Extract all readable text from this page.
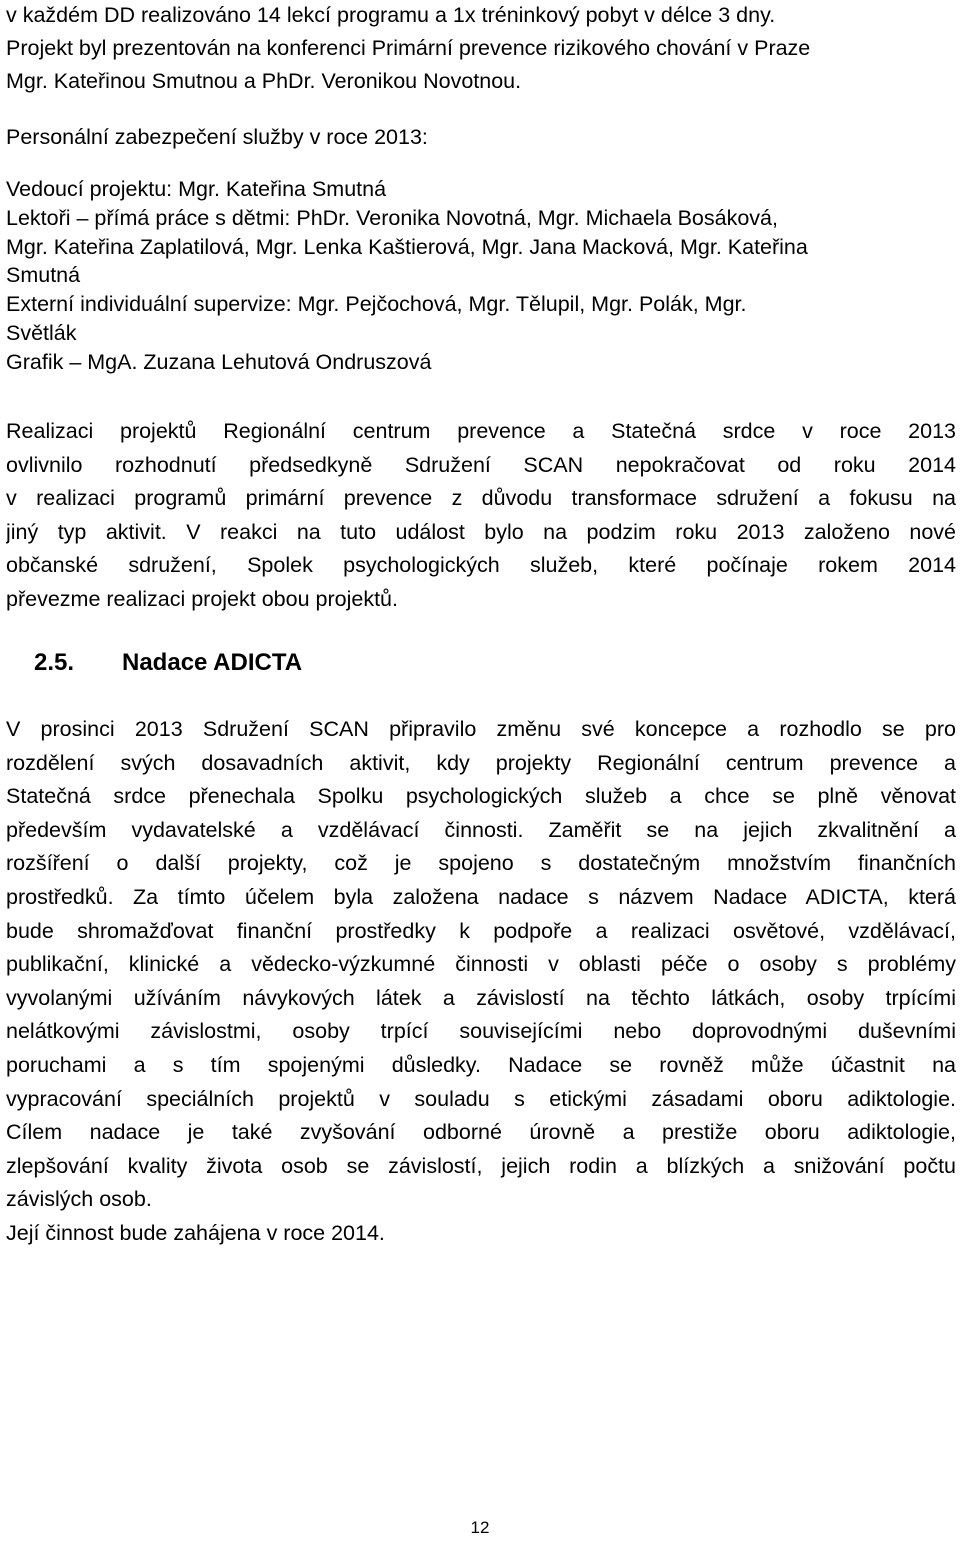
v každém DD realizováno 14 lekcí programu a 1x tréninkový pobyt v délce 3 dny.
Projekt byl prezentován na konferenci Primární prevence rizikového chování v Praze
Mgr. Kateřinou Smutnou a PhDr. Veronikou Novotnou.
Personální zabezpečení služby v roce 2013:
Vedoucí projektu: Mgr. Kateřina Smutná
Lektoři – přímá práce s dětmi: PhDr. Veronika Novotná, Mgr. Michaela Bosáková,
Mgr. Kateřina Zaplatilová, Mgr. Lenka Kaštierová, Mgr. Jana Macková, Mgr. Kateřina
Smutná
Externí individuální supervize: Mgr. Pejčochová, Mgr. Tělupil, Mgr. Polák, Mgr.
Světlák
Grafik – MgA. Zuzana Lehutová Ondruszová
Realizaci projektů Regionální centrum prevence a Statečná srdce v roce 2013
ovlivnilo rozhodnutí předsedkyně Sdružení SCAN nepokračovat od roku 2014
v realizaci programů primární prevence z důvodu transformace sdružení a fokusu na
jiný typ aktivit. V reakci na tuto událost bylo na podzim roku 2013 založeno nové
občanské sdružení, Spolek psychologických služeb, které počínaje rokem 2014
převezme realizaci projekt obou projektů.
2.5. Nadace ADICTA
V prosinci 2013 Sdružení SCAN připravilo změnu své koncepce a rozhodlo se pro
rozdělení svých dosavadních aktivit, kdy projekty Regionální centrum prevence a
Statečná srdce přenechala Spolku psychologických služeb a chce se plně věnovat
především vydavatelské a vzdělávací činnosti. Zaměřit se na jejich zkvalitnění a
rozšíření o další projekty, což je spojeno s dostatečným množstvím finančních
prostředků. Za tímto účelem byla založena nadace s názvem Nadace ADICTA, která
bude shromažďovat finanční prostředky k podpoře a realizaci osvětové, vzdělávací,
publikační, klinické a vědecko-výzkumné činnosti v oblasti péče o osoby s problémy
vyvolanými užíváním návykových látek a závislostí na těchto látkách, osoby trpícími
nelátkovými závislostmi, osoby trpící souvisejícími nebo doprovodnými duševními
poruchami a s tím spojenými důsledky. Nadace se rovněž může účastnit na
vypracování speciálních projektů v souladu s etickými zásadami oboru adiktologie.
Cílem nadace je také zvyšování odborné úrovně a prestiže oboru adiktologie,
zlepšování kvality života osob se závislostí, jejich rodin a blízkých a snižování počtu
závislých osob.
Její činnost bude zahájena v roce 2014.
12
